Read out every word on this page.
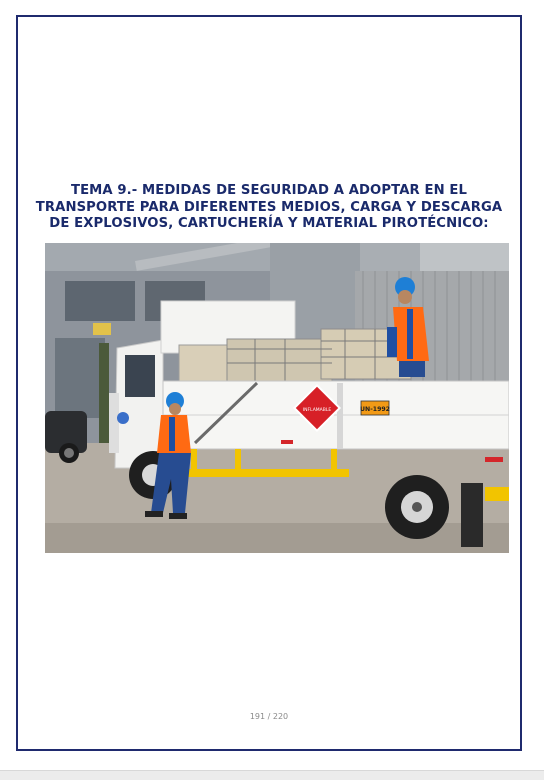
TEMA 9.- MEDIDAS DE SEGURIDAD A ADOPTAR EN EL
TRANSPORTE PARA DIFERENTES MEDIOS, CARGA Y DESCARGA
DE EXPLOSIVOS, CARTUCHERÍA Y MATERIAL PIROTÉCNICO:
INFLAMABLE	UN-1992
191 / 220
